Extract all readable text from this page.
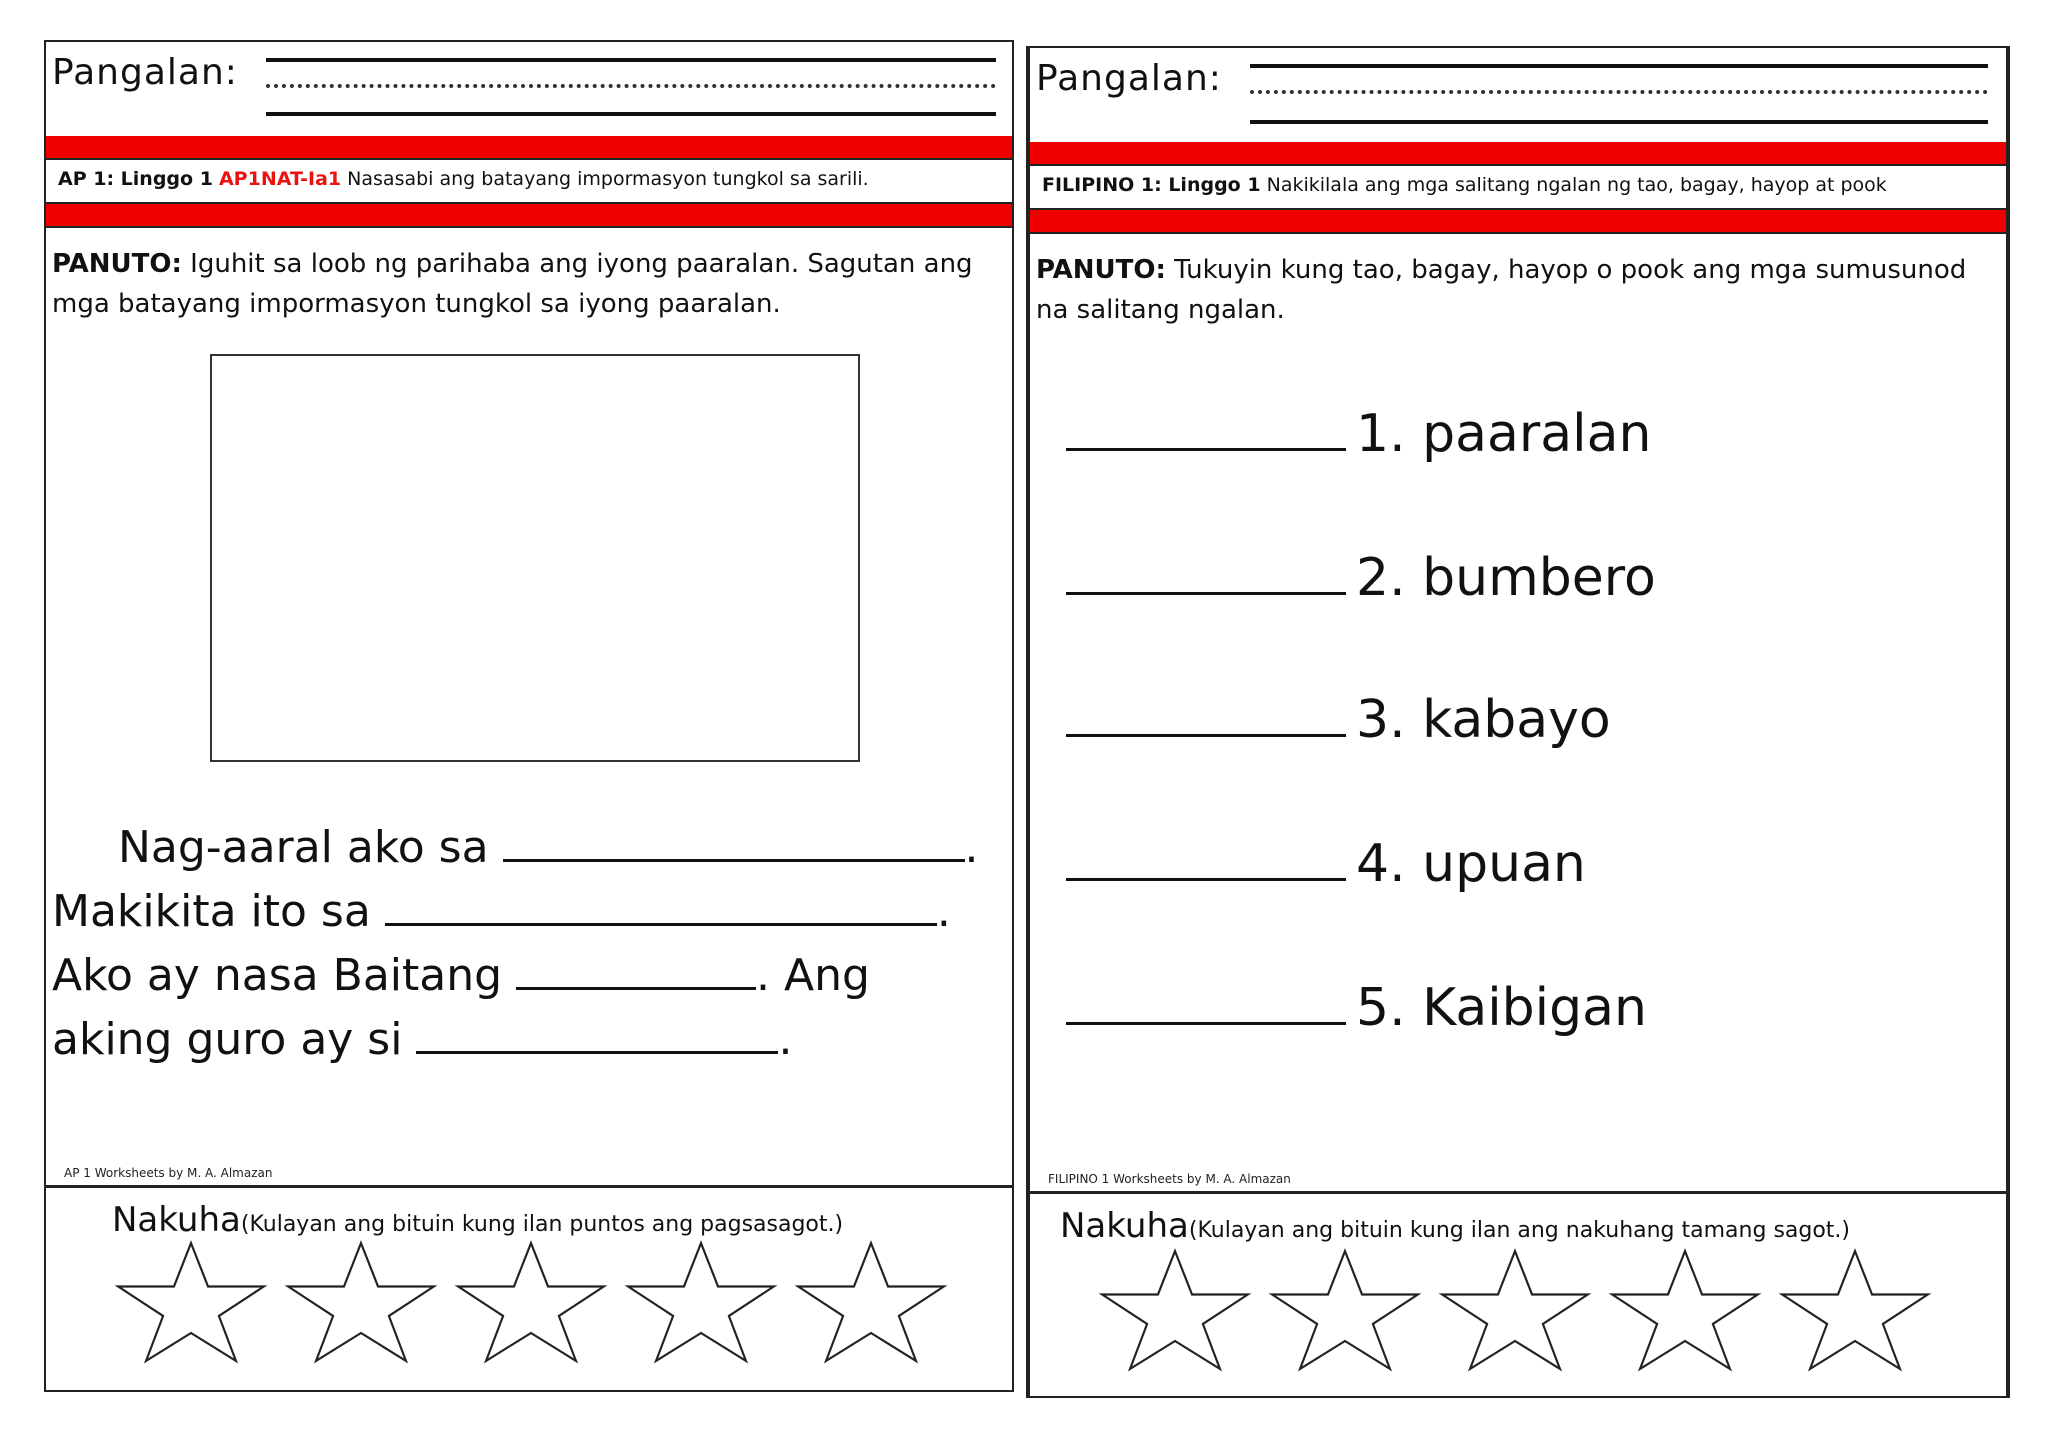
Pangalan:
AP 1: Linggo 1 AP1NAT-Ia1 Nasasabi ang batayang impormasyon tungkol sa sarili.
PANUTO: Iguhit sa loob ng parihaba ang iyong paaralan. Sagutan ang mga batayang impormasyon tungkol sa iyong paaralan.
Nag-aaral ako sa	.
Makikita ito sa	.
Ako ay nasa Baitang	. Ang
aking guro ay si	.
AP 1 Worksheets by M. A. Almazan
Nakuha(Kulayan ang bituin kung ilan puntos ang pagsasagot.)
Pangalan:
FILIPINO 1: Linggo 1 Nakikilala ang mga salitang ngalan ng tao, bagay, hayop at pook
PANUTO: Tukuyin kung tao, bagay, hayop o pook ang mga sumusunod na salitang ngalan.
1. paaralan
2. bumbero
3. kabayo
4. upuan
5. Kaibigan
FILIPINO 1 Worksheets by M. A. Almazan
Nakuha(Kulayan ang bituin kung ilan ang nakuhang tamang sagot.)
